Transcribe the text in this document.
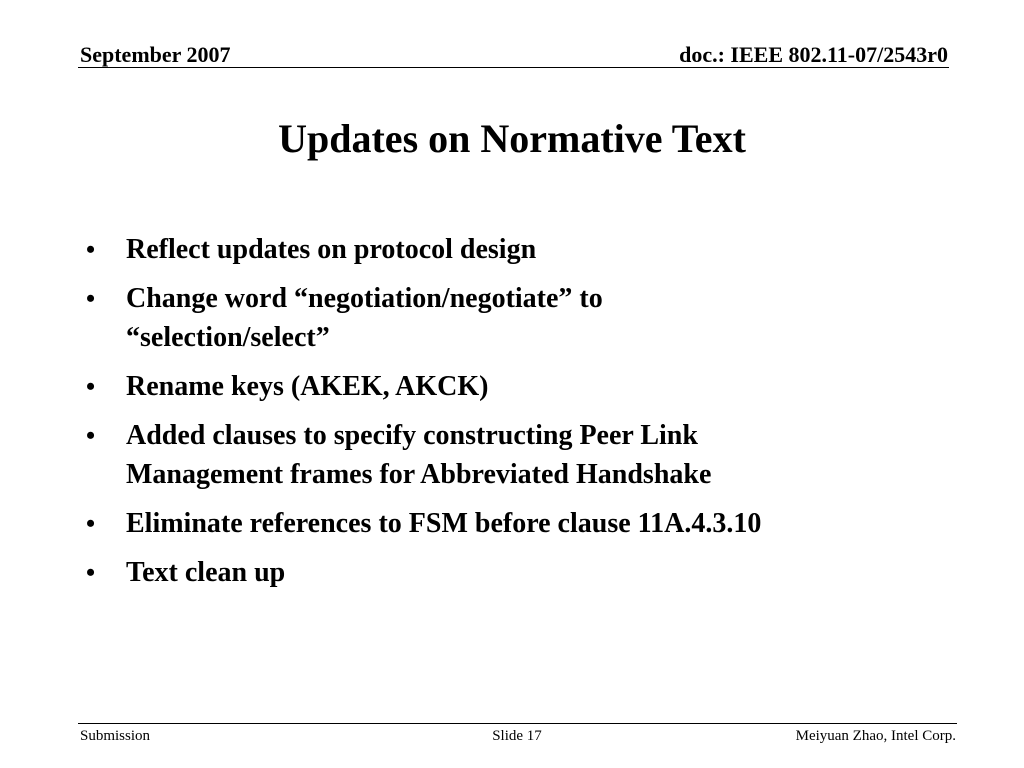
September 2007	doc.: IEEE 802.11-07/2543r0
Updates on Normative Text
•	Reflect updates on protocol design
•	Change word “negotiation/negotiate” to “selection/select”
•	Rename keys (AKEK, AKCK)
•	Added clauses to specify constructing Peer Link Management frames for Abbreviated Handshake
•	Eliminate references to FSM before clause 11A.4.3.10
•	Text clean up
Submission	Slide 17	Meiyuan Zhao, Intel Corp.
